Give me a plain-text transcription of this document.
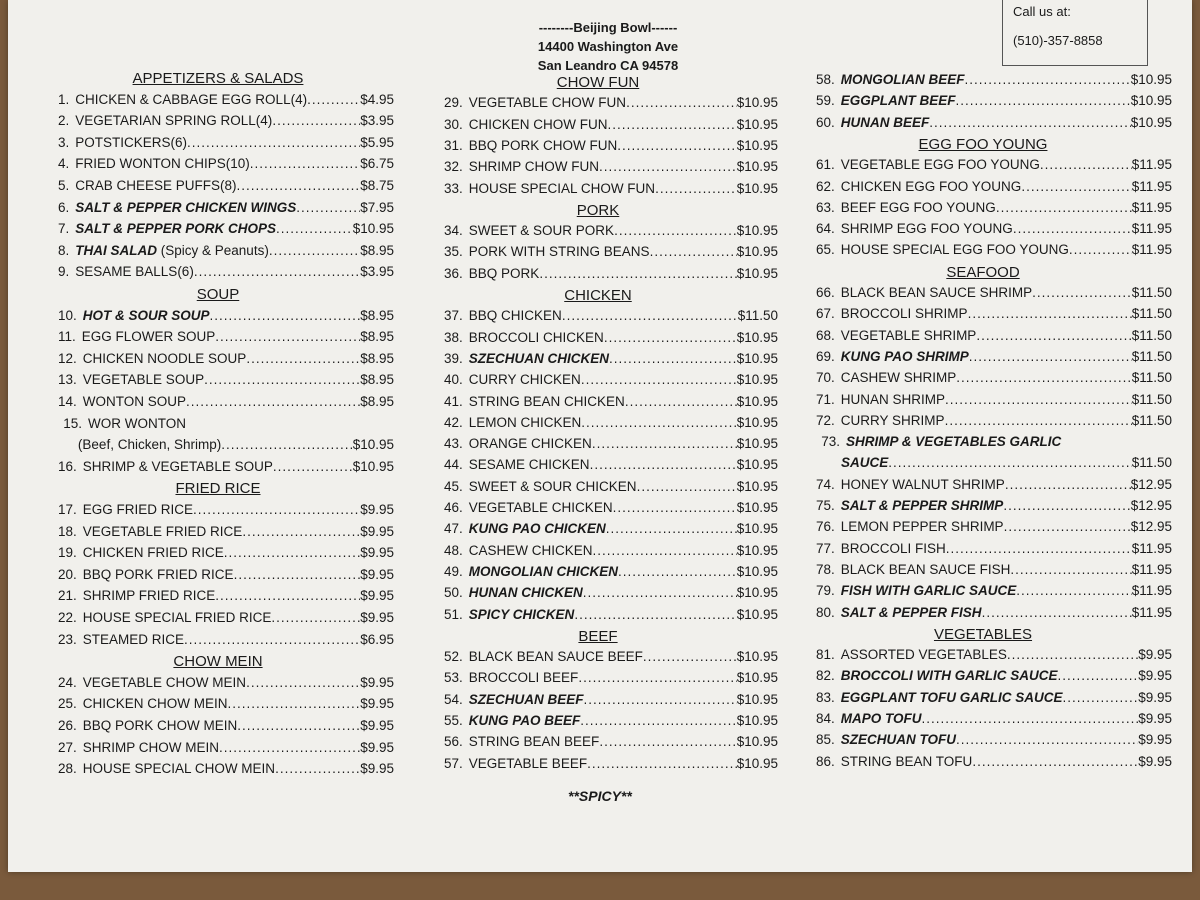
--------Beijing Bowl------
14400 Washington Ave
San Leandro CA 94578
Call us at:
(510)-357-8858
APPETIZERS & SALADS
1. CHICKEN & CABBAGE EGG ROLL(4) .....	$4.95
2. VEGETARIAN SPRING ROLL(4) .....	$3.95
3. POTSTICKERS(6) .....	$5.95
4. FRIED WONTON CHIPS(10) .....	$6.75
5. CRAB CHEESE PUFFS(8) .....	$8.75
6. SALT & PEPPER CHICKEN WINGS .....	$7.95
7. SALT & PEPPER PORK CHOPS .....	$10.95
8. THAI SALAD (Spicy & Peanuts) .....	$8.95
9. SESAME BALLS(6) .....	$3.95
SOUP
10. HOT & SOUR SOUP .....	$8.95
11. EGG FLOWER SOUP .....	$8.95
12. CHICKEN NOODLE SOUP .....	$8.95
13. VEGETABLE SOUP .....	$8.95
14. WONTON SOUP .....	$8.95
15. WOR WONTON
(Beef, Chicken, Shrimp) .....	$10.95
16. SHRIMP & VEGETABLE SOUP .....	$10.95
FRIED RICE
17. EGG FRIED RICE .....	$9.95
18. VEGETABLE FRIED RICE .....	$9.95
19. CHICKEN FRIED RICE .....	$9.95
20. BBQ PORK FRIED RICE .....	$9.95
21. SHRIMP FRIED RICE .....	$9.95
22. HOUSE SPECIAL FRIED RICE .....	$9.95
23. STEAMED RICE .....	$6.95
CHOW MEIN
24. VEGETABLE CHOW MEIN .....	$9.95
25. CHICKEN CHOW MEIN .....	$9.95
26. BBQ PORK CHOW MEIN .....	$9.95
27. SHRIMP CHOW MEIN .....	$9.95
28. HOUSE SPECIAL CHOW MEIN .....	$9.95
CHOW FUN
29. VEGETABLE CHOW FUN .....	$10.95
30. CHICKEN CHOW FUN .....	$10.95
31. BBQ PORK CHOW FUN .....	$10.95
32. SHRIMP CHOW FUN .....	$10.95
33. HOUSE SPECIAL CHOW FUN .....	$10.95
PORK
34. SWEET & SOUR PORK .....	$10.95
35. PORK WITH STRING BEANS .....	$10.95
36. BBQ PORK .....	$10.95
CHICKEN
37. BBQ CHICKEN .....	$11.50
38. BROCCOLI CHICKEN .....	$10.95
39. SZECHUAN CHICKEN .....	$10.95
40. CURRY CHICKEN .....	$10.95
41. STRING BEAN CHICKEN .....	$10.95
42. LEMON CHICKEN .....	$10.95
43. ORANGE CHICKEN .....	$10.95
44. SESAME CHICKEN .....	$10.95
45. SWEET & SOUR CHICKEN .....	$10.95
46. VEGETABLE CHICKEN .....	$10.95
47. KUNG PAO CHICKEN .....	$10.95
48. CASHEW CHICKEN .....	$10.95
49. MONGOLIAN CHICKEN .....	$10.95
50. HUNAN CHICKEN .....	$10.95
51. SPICY CHICKEN .....	$10.95
BEEF
52. BLACK BEAN SAUCE BEEF .....	$10.95
53. BROCCOLI BEEF .....	$10.95
54. SZECHUAN BEEF .....	$10.95
55. KUNG PAO BEEF .....	$10.95
56. STRING BEAN BEEF .....	$10.95
57. VEGETABLE BEEF .....	$10.95
58. MONGOLIAN BEEF .....	$10.95
59. EGGPLANT BEEF .....	$10.95
60. HUNAN BEEF .....	$10.95
EGG FOO YOUNG
61. VEGETABLE EGG FOO YOUNG .....	$11.95
62. CHICKEN EGG FOO YOUNG .....	$11.95
63. BEEF EGG FOO YOUNG .....	$11.95
64. SHRIMP EGG FOO YOUNG .....	$11.95
65. HOUSE SPECIAL EGG FOO YOUNG .....	$11.95
SEAFOOD
66. BLACK BEAN SAUCE SHRIMP .....	$11.50
67. BROCCOLI SHRIMP .....	$11.50
68. VEGETABLE SHRIMP .....	$11.50
69. KUNG PAO SHRIMP .....	$11.50
70. CASHEW SHRIMP .....	$11.50
71. HUNAN SHRIMP .....	$11.50
72. CURRY SHRIMP .....	$11.50
73. SHRIMP & VEGETABLES GARLIC
SAUCE .....	$11.50
74. HONEY WALNUT SHRIMP .....	$12.95
75. SALT & PEPPER SHRIMP .....	$12.95
76. LEMON PEPPER SHRIMP .....	$12.95
77. BROCCOLI FISH .....	$11.95
78. BLACK BEAN SAUCE FISH .....	$11.95
79. FISH WITH GARLIC SAUCE .....	$11.95
80. SALT & PEPPER FISH .....	$11.95
VEGETABLES
81. ASSORTED VEGETABLES .....	$9.95
82. BROCCOLI WITH GARLIC SAUCE .....	$9.95
83. EGGPLANT TOFU GARLIC SAUCE .....	$9.95
84. MAPO TOFU .....	$9.95
85. SZECHUAN TOFU .....	$9.95
86. STRING BEAN TOFU .....	$9.95
**SPICY**
